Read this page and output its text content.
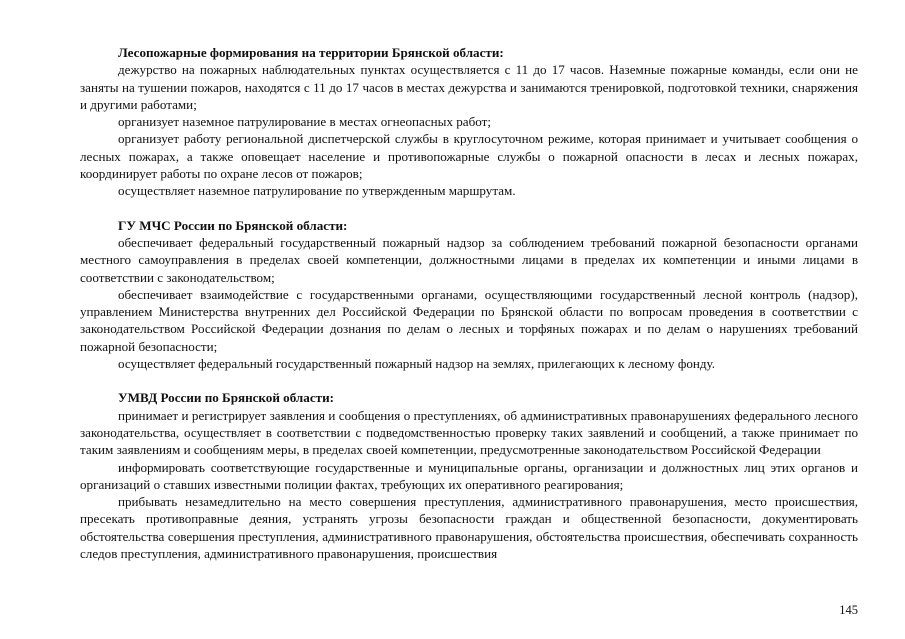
Лесопожарные формирования на территории Брянской области:

дежурство на пожарных наблюдательных пунктах осуществляется с 11 до 17 часов. Наземные пожарные команды, если они не заняты на тушении пожаров, находятся с 11 до 17 часов в местах дежурства и занимаются тренировкой, подготовкой техники, снаряжения и другими работами;

организует наземное патрулирование в местах огнеопасных работ;

организует работу региональной диспетчерской службы в круглосуточном режиме, которая принимает и учитывает сообщения о лесных пожарах, а также оповещает население и противопожарные службы о пожарной опасности в лесах и лесных пожарах, координирует работы по охране лесов от пожаров;

осуществляет наземное патрулирование по утвержденным маршрутам.

ГУ МЧС России по Брянской области:

обеспечивает федеральный государственный пожарный надзор за соблюдением требований пожарной безопасности органами местного самоуправления в пределах своей компетенции, должностными лицами в пределах их компетенции и иными лицами в соответствии с законодательством;

обеспечивает взаимодействие с государственными органами, осуществляющими государственный лесной контроль (надзор), управлением Министерства внутренних дел Российской Федерации по Брянской области по вопросам проведения в соответствии с законодательством Российской Федерации дознания по делам о лесных и торфяных пожарах и по делам о нарушениях требований пожарной безопасности;

осуществляет федеральный государственный пожарный надзор на землях, прилегающих к лесному фонду.

УМВД России по Брянской области:

принимает и регистрирует заявления и сообщения о преступлениях, об административных правонарушениях федерального лесного законодательства, осуществляет в соответствии с подведомственностью проверку таких заявлений и сообщений, а также принимает по таким заявлениям и сообщениям меры, в пределах своей компетенции, предусмотренные законодательством Российской Федерации

информировать соответствующие государственные и муниципальные органы, организации и должностных лиц этих органов и организаций о ставших известными полиции фактах, требующих их оперативного реагирования;

прибывать незамедлительно на место совершения преступления, административного правонарушения, место происшествия, пресекать противоправные деяния, устранять угрозы безопасности граждан и общественной безопасности, документировать обстоятельства совершения преступления, административного правонарушения, обстоятельства происшествия, обеспечивать сохранность следов преступления, административного правонарушения, происшествия

145
